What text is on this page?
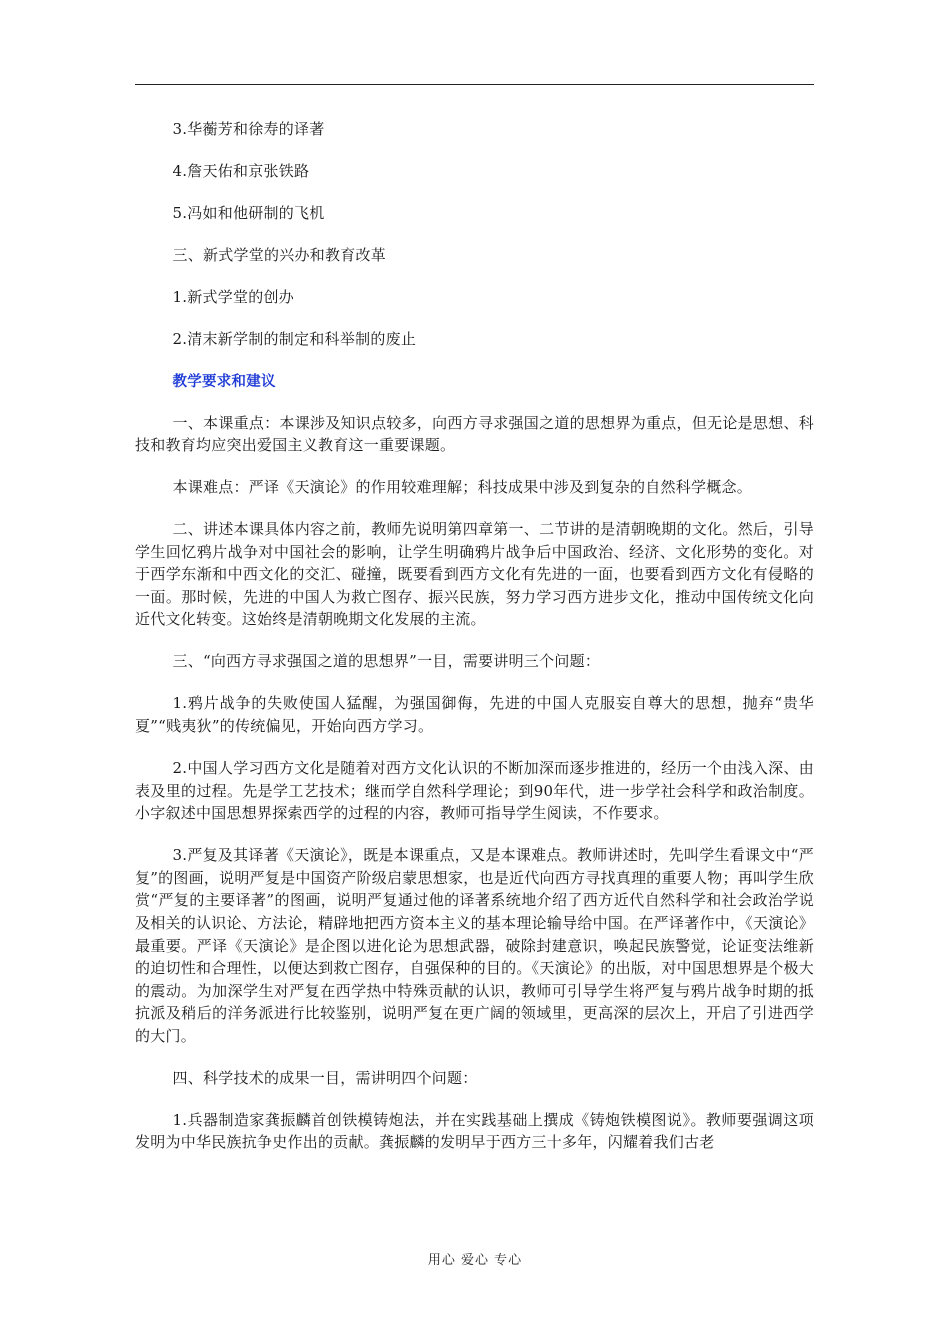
3.华蘅芳和徐寿的译著

4.詹天佑和京张铁路

5.冯如和他研制的飞机

三、新式学堂的兴办和教育改革

1.新式学堂的创办

2.清末新学制的制定和科举制的废止

教学要求和建议

一、本课重点：本课涉及知识点较多，向西方寻求强国之道的思想界为重点，但无论是思想、科技和教育均应突出爱国主义教育这一重要课题。

本课难点：严译《天演论》的作用较难理解；科技成果中涉及到复杂的自然科学概念。

二、讲述本课具体内容之前，教师先说明第四章第一、二节讲的是清朝晚期的文化。然后，引导学生回忆鸦片战争对中国社会的影响，让学生明确鸦片战争后中国政治、经济、文化形势的变化。对于西学东渐和中西文化的交汇、碰撞，既要看到西方文化有先进的一面，也要看到西方文化有侵略的一面。那时候，先进的中国人为救亡图存、振兴民族，努力学习西方进步文化，推动中国传统文化向近代文化转变。这始终是清朝晚期文化发展的主流。

三、“向西方寻求强国之道的思想界”一目，需要讲明三个问题：

1.鸦片战争的失败使国人猛醒，为强国御侮，先进的中国人克服妄自尊大的思想，抛弃“贵华夏”“贱夷狄”的传统偏见，开始向西方学习。

2.中国人学习西方文化是随着对西方文化认识的不断加深而逐步推进的，经历一个由浅入深、由表及里的过程。先是学工艺技术；继而学自然科学理论；到90年代，进一步学社会科学和政治制度。小字叙述中国思想界探索西学的过程的内容，教师可指导学生阅读，不作要求。

3.严复及其译著《天演论》，既是本课重点，又是本课难点。教师讲述时，先叫学生看课文中“严复”的图画，说明严复是中国资产阶级启蒙思想家，也是近代向西方寻找真理的重要人物；再叫学生欣赏“严复的主要译著”的图画，说明严复通过他的译著系统地介绍了西方近代自然科学和社会政治学说及相关的认识论、方法论，精辟地把西方资本主义的基本理论输导给中国。在严译著作中，《天演论》最重要。严译《天演论》是企图以进化论为思想武器，破除封建意识，唤起民族警觉，论证变法维新的迫切性和合理性，以便达到救亡图存，自强保种的目的。《天演论》的出版，对中国思想界是个极大的震动。为加深学生对严复在西学热中特殊贡献的认识，教师可引导学生将严复与鸦片战争时期的抵抗派及稍后的洋务派进行比较鉴别，说明严复在更广阔的领域里，更高深的层次上，开启了引进西学的大门。

四、科学技术的成果一目，需讲明四个问题：

1.兵器制造家龚振麟首创铁模铸炮法，并在实践基础上撰成《铸炮铁模图说》。教师要强调这项发明为中华民族抗争史作出的贡献。龚振麟的发明早于西方三十多年，闪耀着我们古老

用心 爱心 专心
